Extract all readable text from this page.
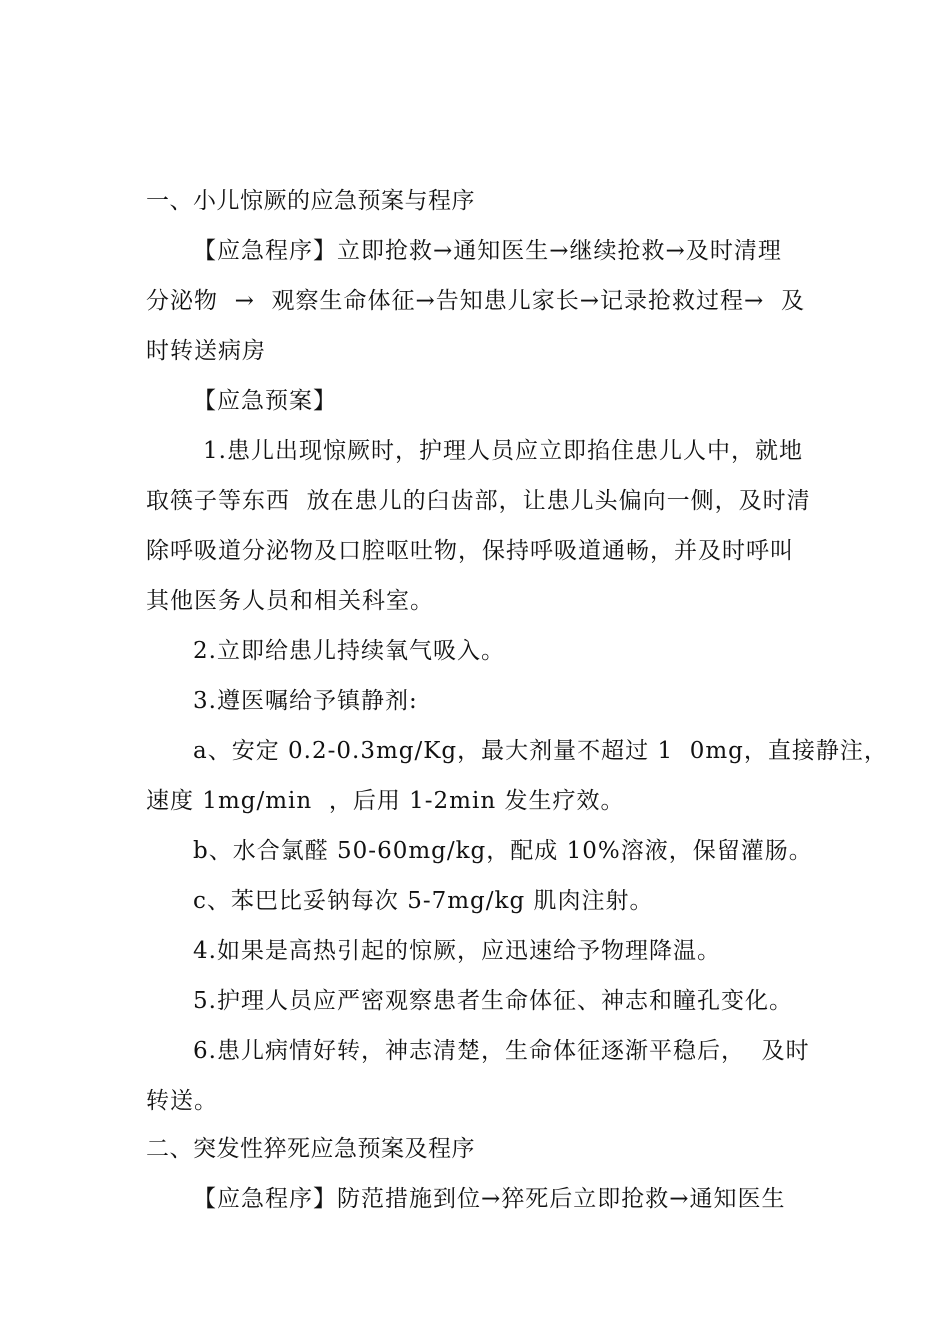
一、小儿惊厥的应急预案与程序
【应急程序】立即抢救→通知医生→继续抢救→及时清理
分泌物  →  观察生命体征→告知患儿家长→记录抢救过程→  及
时转送病房
【应急预案】
1.患儿出现惊厥时，护理人员应立即掐住患儿人中，就地
取筷子等东西  放在患儿的臼齿部，让患儿头偏向一侧，及时清
除呼吸道分泌物及口腔呕吐物，保持呼吸道通畅，并及时呼叫
其他医务人员和相关科室。
2.立即给患儿持续氧气吸入。
3.遵医嘱给予镇静剂:
a、安定 0.2-0.3mg/Kg，最大剂量不超过 1  0mg，直接静注，
速度 1mg/min  ，后用 1-2min 发生疗效。
b、水合氯醛 50-60mg/kg，配成 10%溶液，保留灌肠。
c、苯巴比妥钠每次 5-7mg/kg 肌肉注射。
4.如果是高热引起的惊厥，应迅速给予物理降温。
5.护理人员应严密观察患者生命体征、神志和瞳孔变化。
6.患儿病情好转，神志清楚，生命体征逐渐平稳后，  及时
转送。
二、突发性猝死应急预案及程序
【应急程序】防范措施到位→猝死后立即抢救→通知医生
